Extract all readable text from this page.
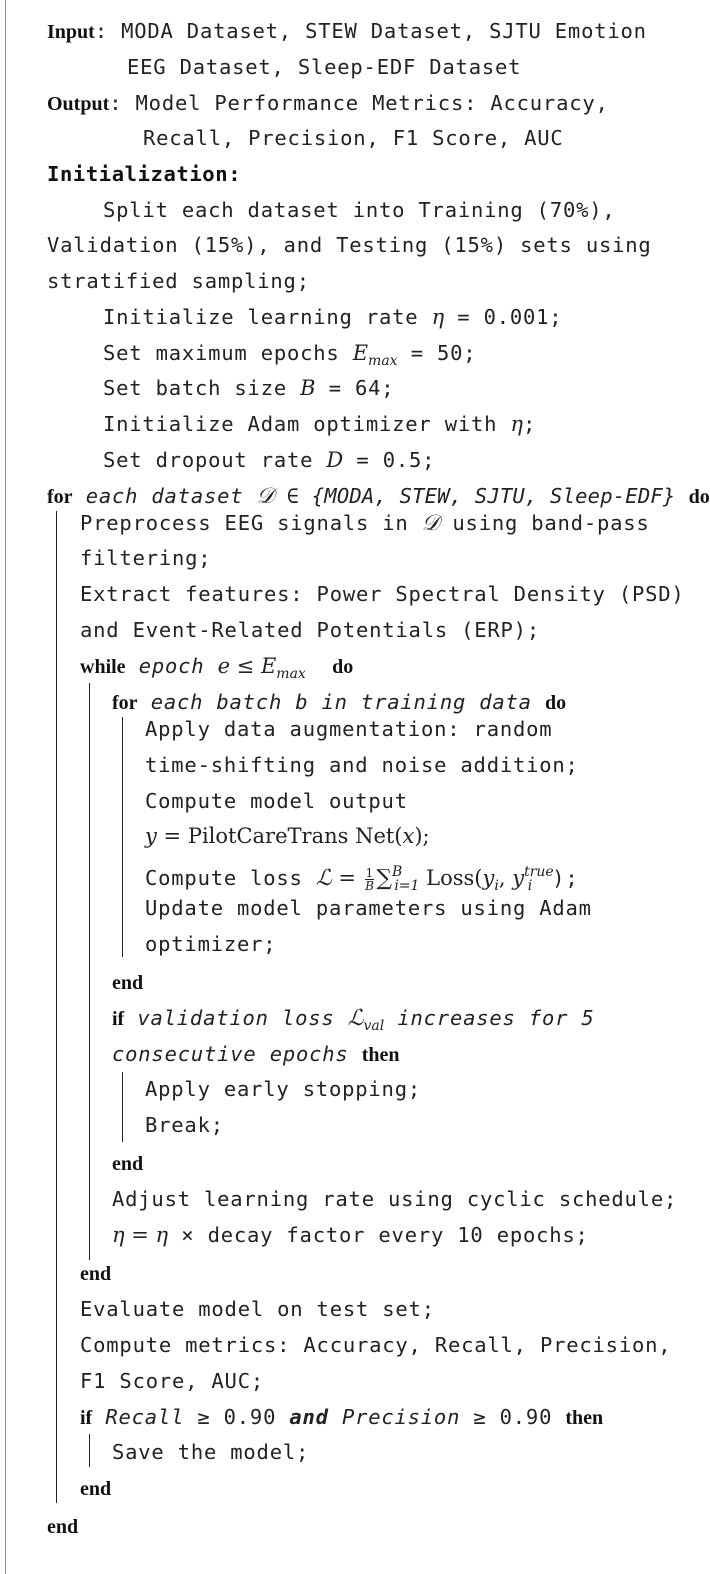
Input: MODA Dataset, STEW Dataset, SJTU Emotion
EEG Dataset, Sleep-EDF Dataset
Output: Model Performance Metrics: Accuracy,
Recall, Precision, F1 Score, AUC
Initialization:
Split each dataset into Training (70%),
Validation (15%), and Testing (15%) sets using
stratified sampling;
Initialize learning rate η = 0.001;
Set maximum epochs $E_{max} = 50$;
Set batch size B = 64;
Initialize Adam optimizer with η;
Set dropout rate D = 0.5;
for each dataset 𝒟 ∈ {MODA, STEW, SJTU, Sleep-EDF} do
Preprocess EEG signals in 𝒟 using band-pass
filtering;
Extract features: Power Spectral Density (PSD)
and Event-Related Potentials (ERP);
while epoch $e \le E_{max}$ do
for each batch b in training data do
Apply data augmentation: random
time-shifting and noise addition;
Compute model output
y = PilotCareTrans Net(x);
Compute loss ℒ = $\frac{1}{B} \sum^B_{i=1}$ $Loss(y_i$, $y^{true}_i$ );
Update model parameters using Adam
optimizer;
end
if validation loss ℒ$_{val}$ increases for 5
consecutive epochs then
Apply early stopping;
Break;
end
Adjust learning rate using cyclic schedule;
η = η × decay factor every 10 epochs;
end
Evaluate model on test set;
Compute metrics: Accuracy, Recall, Precision,
F1 Score, AUC;
if Recall ≥ 0.90 and Precision ≥ 0.90 then
Save the model;
end
end
